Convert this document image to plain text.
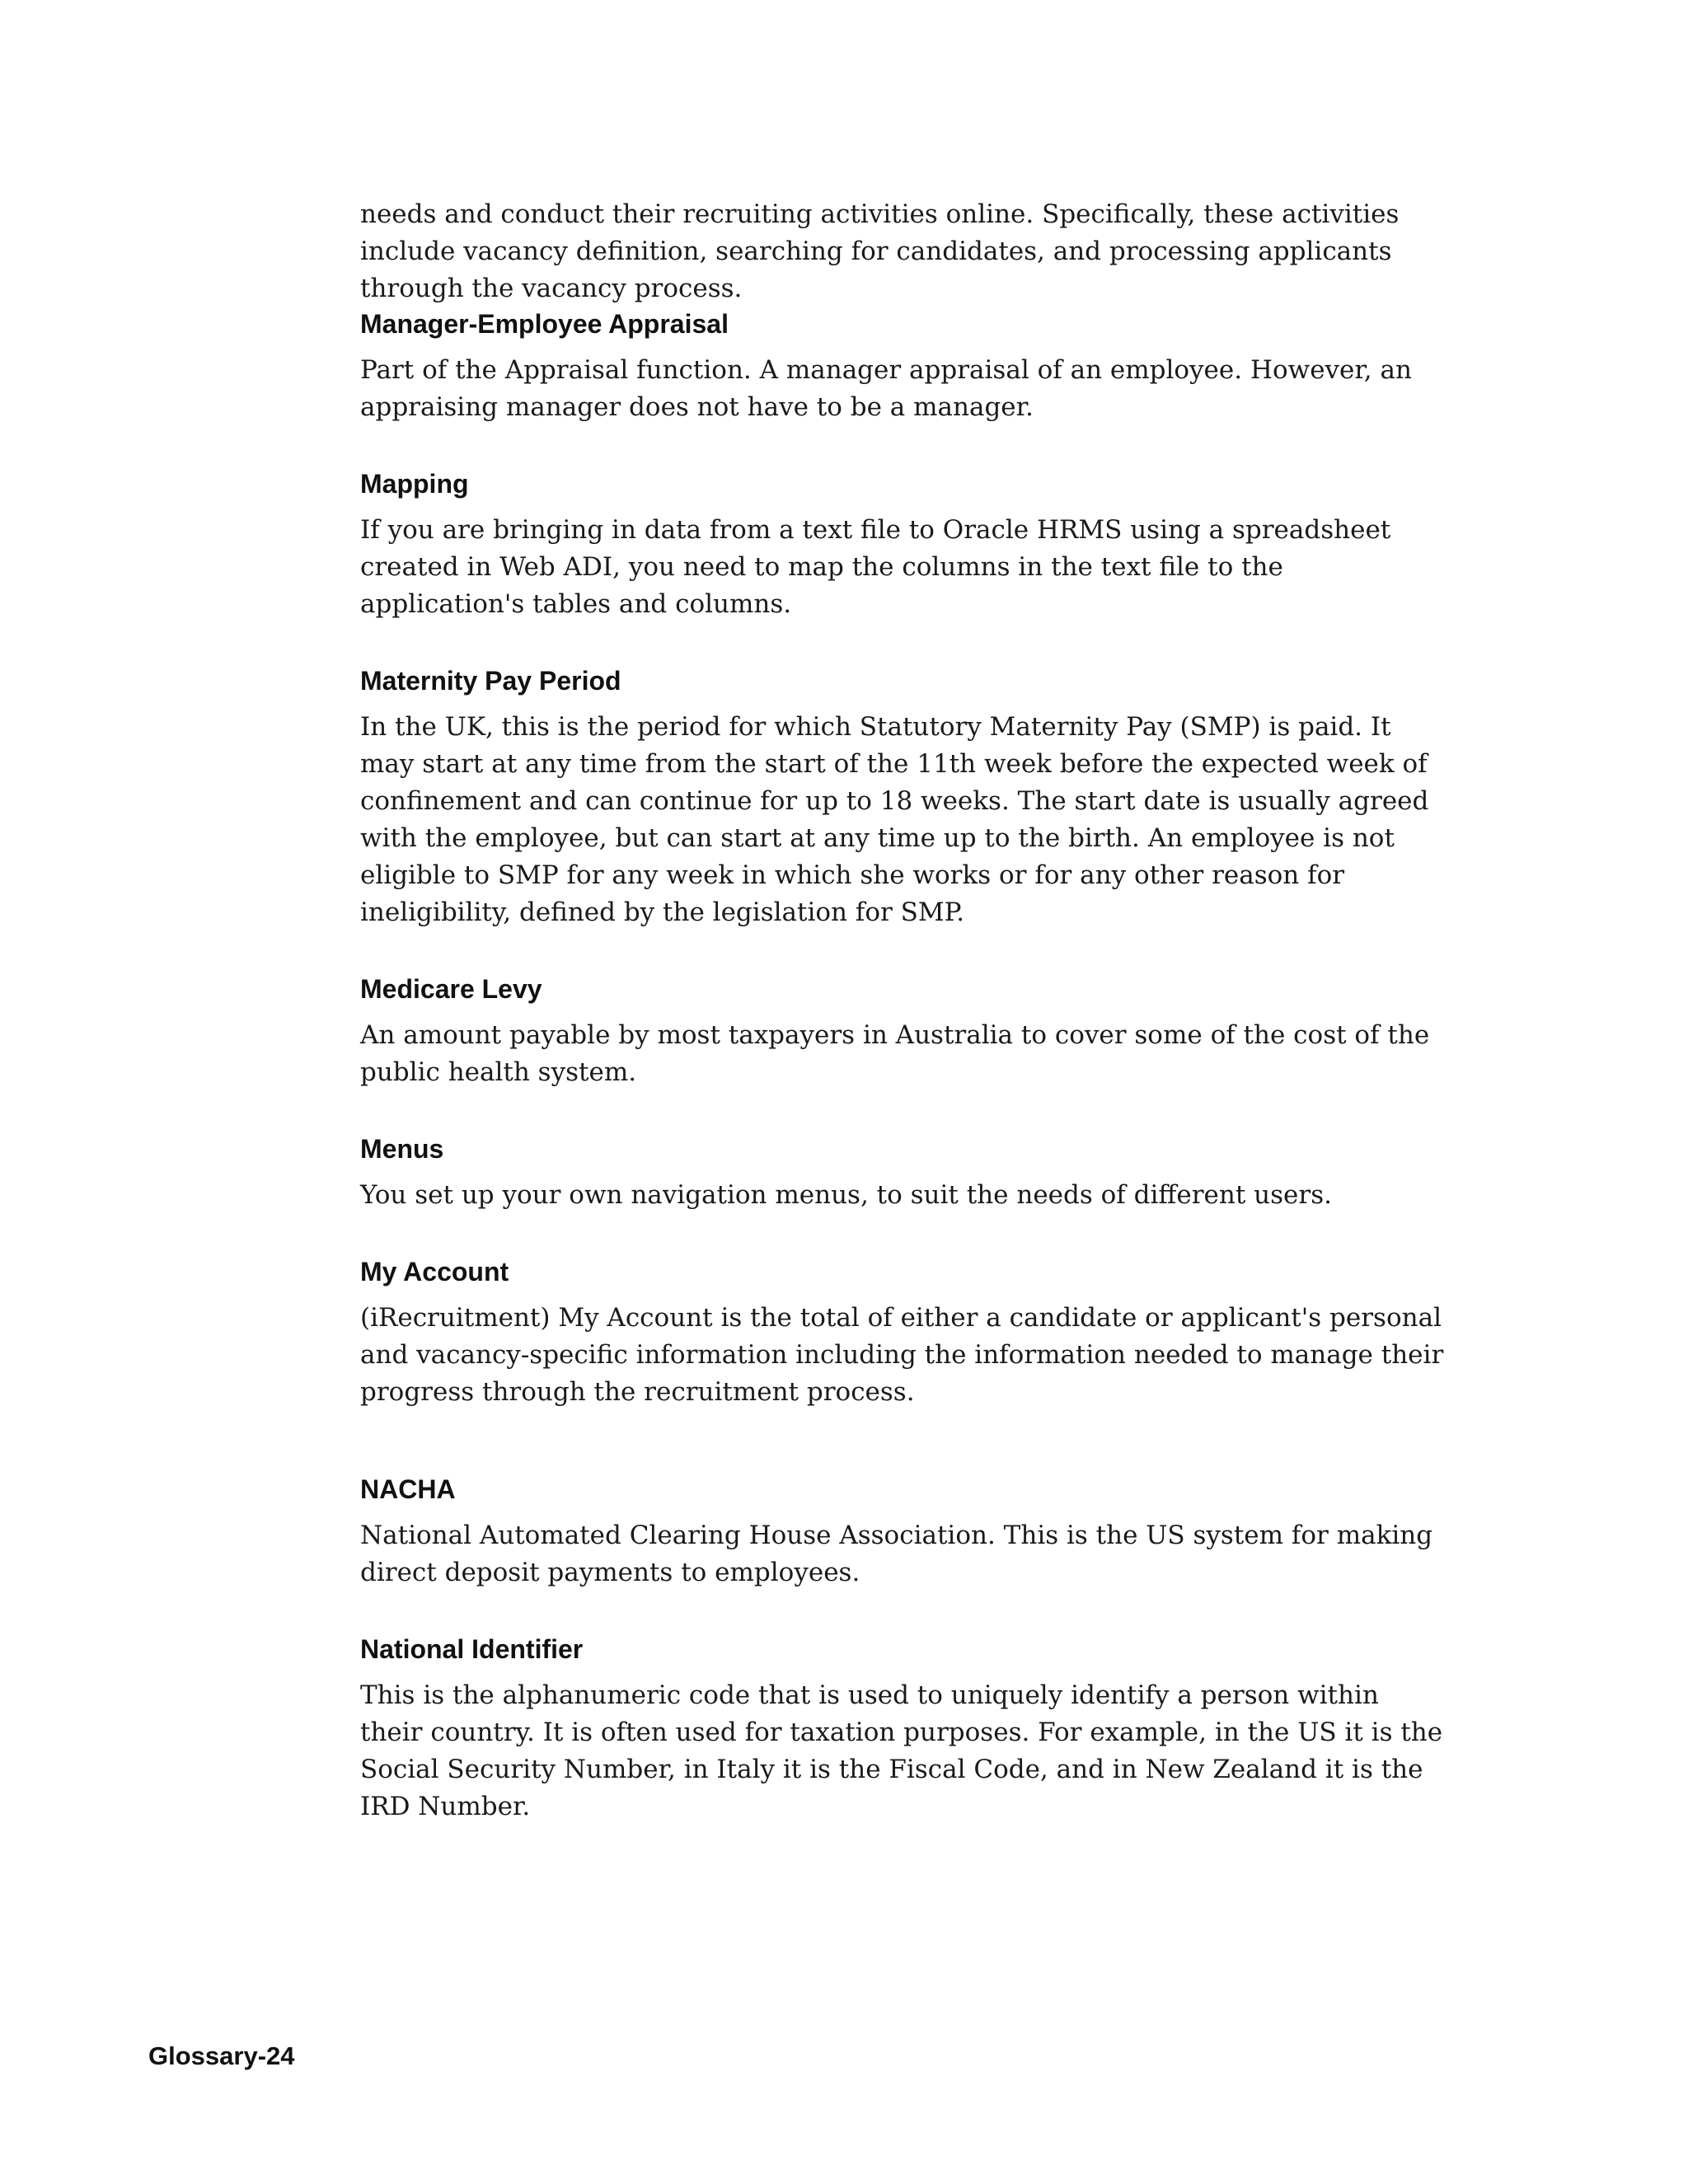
needs and conduct their recruiting activities online. Specifically, these activities include vacancy definition, searching for candidates, and processing applicants through the vacancy process.

Manager-Employee Appraisal

Part of the Appraisal function. A manager appraisal of an employee. However, an appraising manager does not have to be a manager.

Mapping

If you are bringing in data from a text file to Oracle HRMS using a spreadsheet created in Web ADI, you need to map the columns in the text file to the application's tables and columns.

Maternity Pay Period

In the UK, this is the period for which Statutory Maternity Pay (SMP) is paid. It may start at any time from the start of the 11th week before the expected week of confinement and can continue for up to 18 weeks. The start date is usually agreed with the employee, but can start at any time up to the birth. An employee is not eligible to SMP for any week in which she works or for any other reason for ineligibility, defined by the legislation for SMP.

Medicare Levy

An amount payable by most taxpayers in Australia to cover some of the cost of the public health system.

Menus

You set up your own navigation menus, to suit the needs of different users.

My Account

(iRecruitment) My Account is the total of either a candidate or applicant's personal and vacancy-specific information including the information needed to manage their progress through the recruitment process.

NACHA

National Automated Clearing House Association. This is the US system for making direct deposit payments to employees.

National Identifier

This is the alphanumeric code that is used to uniquely identify a person within their country. It is often used for taxation purposes. For example, in the US it is the Social Security Number, in Italy it is the Fiscal Code, and in New Zealand it is the IRD Number.

Glossary-24
